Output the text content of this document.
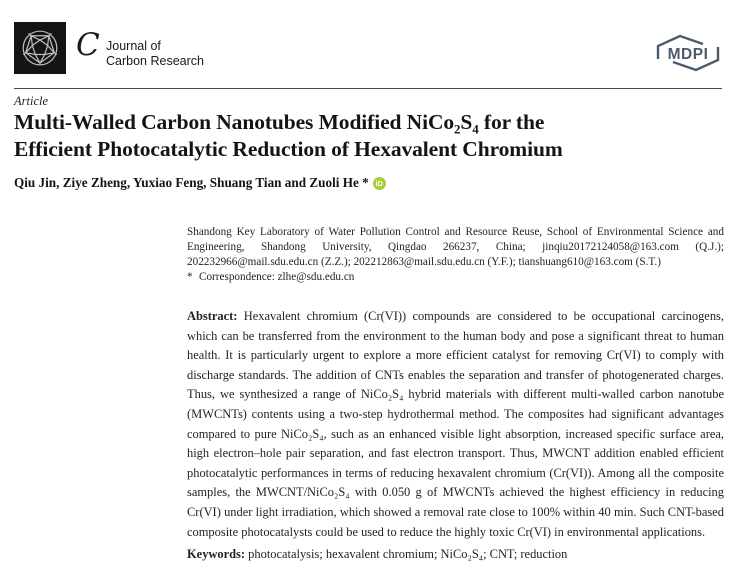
C Journal of
Carbon Research	MDPI
Article
Multi-Walled Carbon Nanotubes Modified NiCo₂S₄ for the
Efficient Photocatalytic Reduction of Hexavalent Chromium
Qiu Jin, Ziye Zheng, Yuxiao Feng, Shuang Tian and Zuoli He * iD

Shandong Key Laboratory of Water Pollution Control and Resource Reuse, School of Environmental Science and Engineering, Shandong University, Qingdao 266237, China; jinqiu20172124058@163.com (Q.J.); 202232966@mail.sdu.edu.cn (Z.Z.); 202212863@mail.sdu.edu.cn (Y.F.); tianshuang610@163.com (S.T.)

* Correspondence: zlhe@sdu.edu.cn

Abstract: Hexavalent chromium (Cr(VI)) compounds are considered to be occupational carcinogens, which can be transferred from the environment to the human body and pose a significant threat to human health. It is particularly urgent to explore a more efficient catalyst for removing Cr(VI) to comply with discharge standards. The addition of CNTs enables the separation and transfer of photogenerated charges. Thus, we synthesized a range of NiCo₂S₄ hybrid materials with different multi-walled carbon nanotube (MWCNTs) contents using a two-step hydrothermal method. The composites had significant advantages compared to pure NiCo₂S₄, such as an enhanced visible light absorption, increased specific surface area, high electron–hole pair separation, and fast electron transport. Thus, MWCNT addition enabled efficient photocatalytic performances in terms of reducing hexavalent chromium (Cr(VI)). Among all the composite samples, the MWCNT/NiCo₂S₄ with 0.050 g of MWCNTs achieved the highest efficiency in reducing Cr(VI) under light irradiation, which showed a removal rate close to 100% within 40 min. Such CNT-based composite photocatalysts could be used to reduce the highly toxic Cr(VI) in environmental applications.

Keywords: photocatalysis; hexavalent chromium; NiCo₂S₄; CNT; reduction
